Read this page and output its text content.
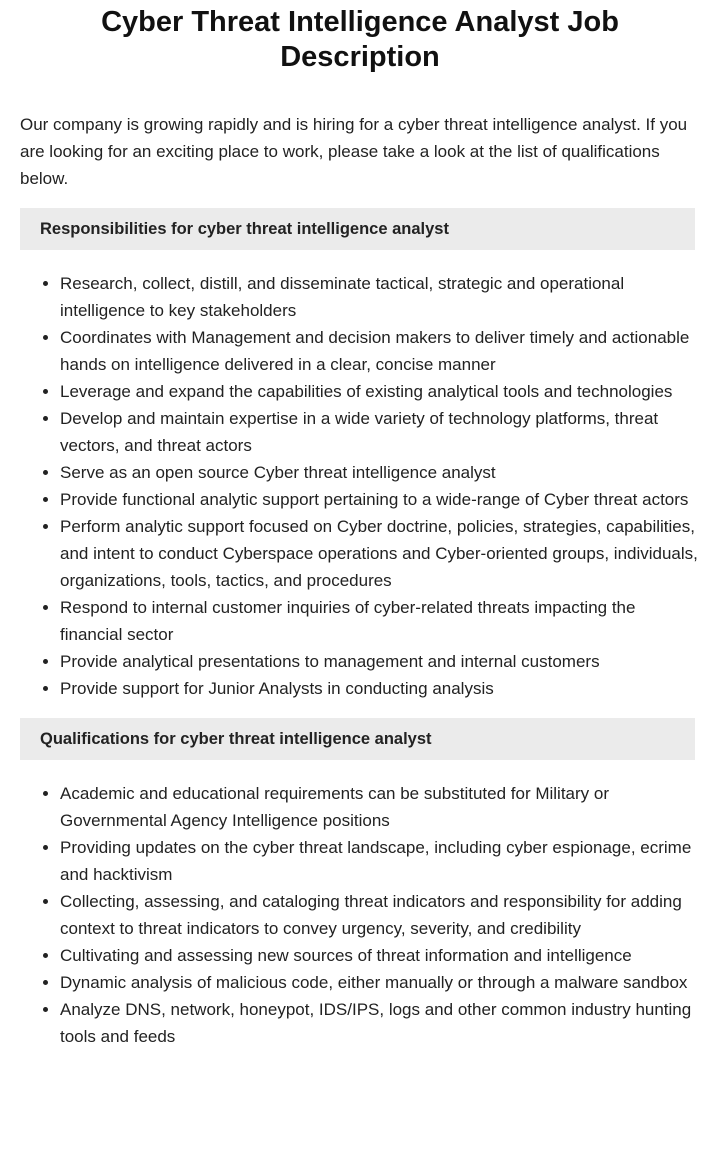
Cyber Threat Intelligence Analyst Job Description

Our company is growing rapidly and is hiring for a cyber threat intelligence analyst. If you are looking for an exciting place to work, please take a look at the list of qualifications below.

Responsibilities for cyber threat intelligence analyst
• Research, collect, distill, and disseminate tactical, strategic and operational intelligence to key stakeholders
• Coordinates with Management and decision makers to deliver timely and actionable hands on intelligence delivered in a clear, concise manner
• Leverage and expand the capabilities of existing analytical tools and technologies
• Develop and maintain expertise in a wide variety of technology platforms, threat vectors, and threat actors
• Serve as an open source Cyber threat intelligence analyst
• Provide functional analytic support pertaining to a wide-range of Cyber threat actors
• Perform analytic support focused on Cyber doctrine, policies, strategies, capabilities, and intent to conduct Cyberspace operations and Cyber-oriented groups, individuals, organizations, tools, tactics, and procedures
• Respond to internal customer inquiries of cyber-related threats impacting the financial sector
• Provide analytical presentations to management and internal customers
• Provide support for Junior Analysts in conducting analysis
Qualifications for cyber threat intelligence analyst
• Academic and educational requirements can be substituted for Military or Governmental Agency Intelligence positions
• Providing updates on the cyber threat landscape, including cyber espionage, ecrime and hacktivism
• Collecting, assessing, and cataloging threat indicators and responsibility for adding context to threat indicators to convey urgency, severity, and credibility
• Cultivating and assessing new sources of threat information and intelligence
• Dynamic analysis of malicious code, either manually or through a malware sandbox
• Analyze DNS, network, honeypot, IDS/IPS, logs and other common industry hunting tools and feeds
